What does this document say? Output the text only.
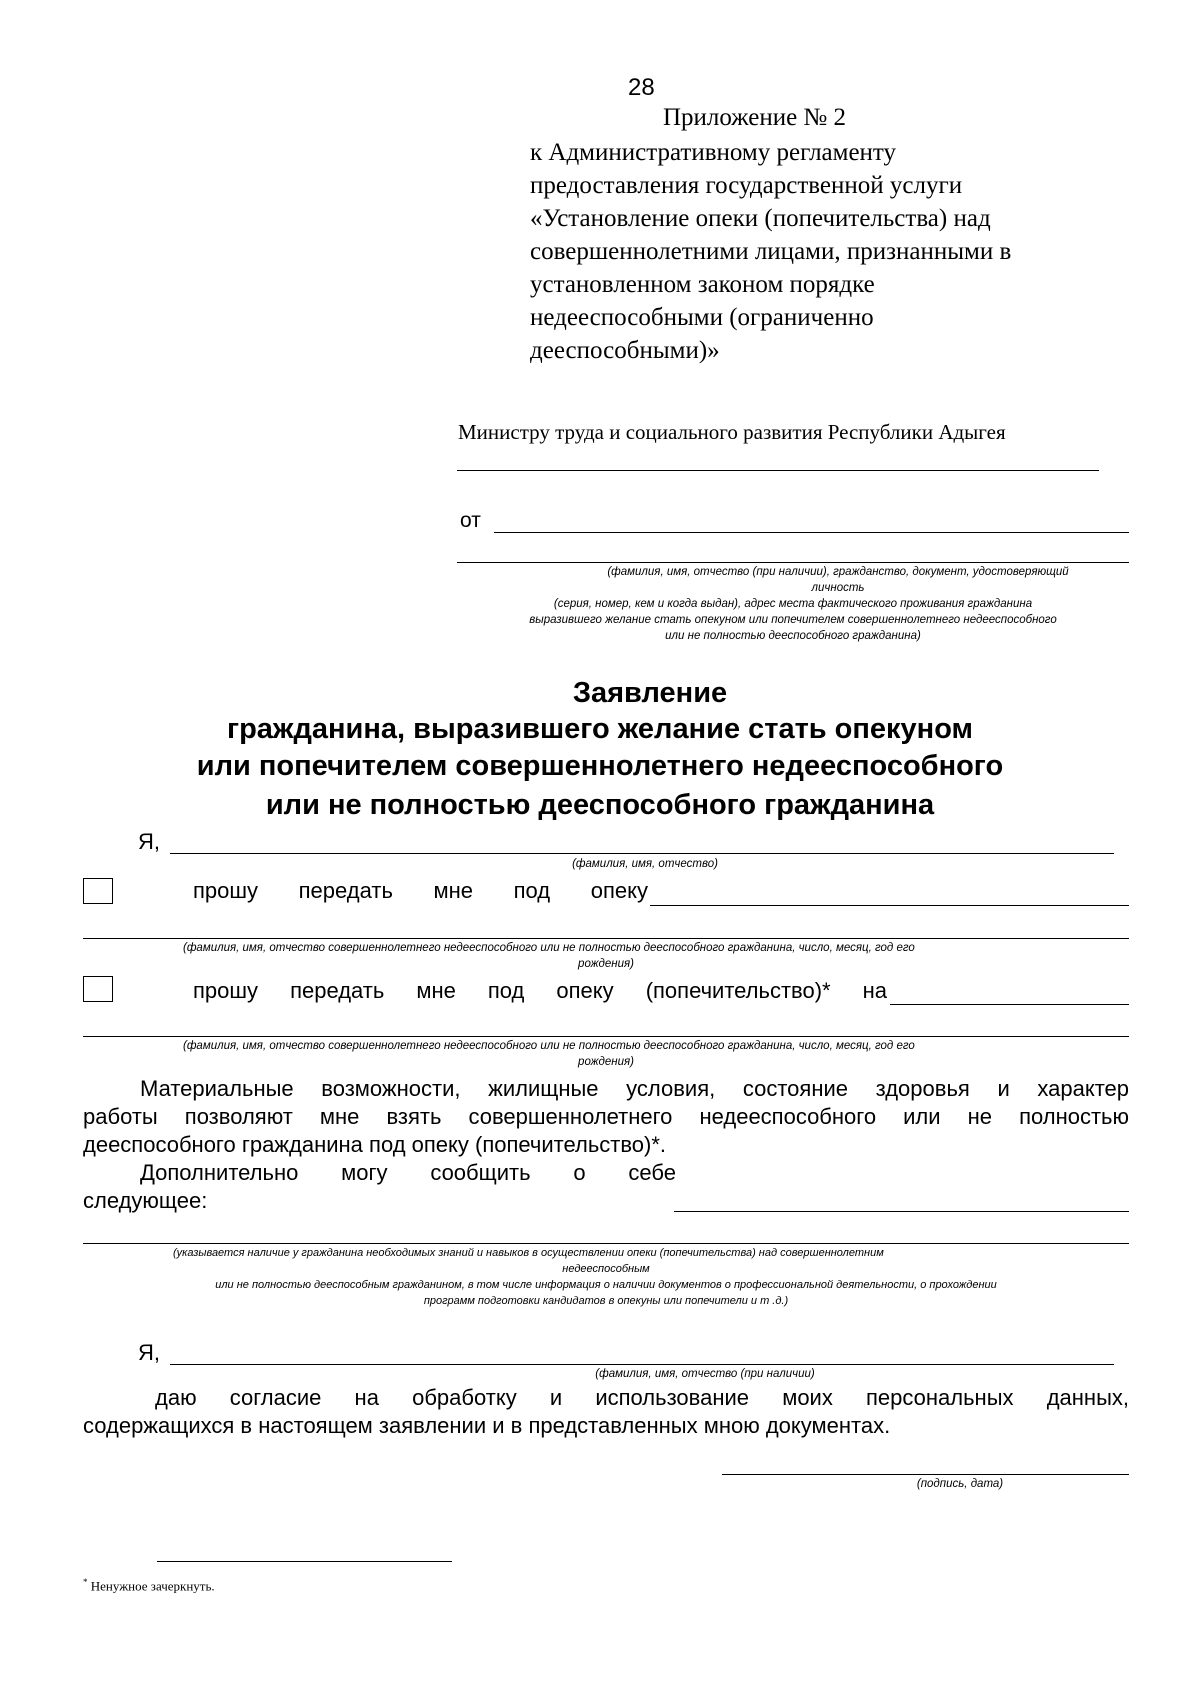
28
Приложение № 2
к Административному регламенту
предоставления государственной услуги
«Установление опеки (попечительства) над
совершеннолетними лицами, признанными в
установленном законом порядке
недееспособными (ограниченно
дееспособными)»
Министру труда и социального развития Республики Адыгея
от
(фамилия, имя, отчество (при наличии), гражданство, документ, удостоверяющий
личность
(серия, номер, кем и когда выдан), адрес места фактического проживания гражданина
выразившего желание стать опекуном или попечителем совершеннолетнего недееспособного
или не полностью дееспособного гражданина)
Заявление
гражданина, выразившего желание стать опекуном
или попечителем совершеннолетнего недееспособного
или не полностью дееспособного гражданина
Я,
(фамилия, имя, отчество)
прошу передать мне под опеку
(фамилия, имя, отчество совершеннолетнего недееспособного или не полностью дееспособного гражданина, число, месяц, год его
рождения)
прошу передать мне под опеку (попечительство)* на
(фамилия, имя, отчество совершеннолетнего недееспособного или не полностью дееспособного гражданина, число, месяц, год его
рождения)
Материальные возможности, жилищные условия, состояние здоровья и характер
работы позволяют мне взять совершеннолетнего недееспособного или не полностью
дееспособного гражданина под опеку (попечительство)*.
Дополнительно могу сообщить о себе
следующее:
(указывается наличие у гражданина необходимых знаний и навыков в осуществлении опеки (попечительства) над совершеннолетним
недееспособным
или не полностью дееспособным гражданином, в том числе информация о наличии документов о профессиональной деятельности, о прохождении
программ подготовки кандидатов в опекуны или попечители и т .д.)
Я,
(фамилия, имя, отчество (при наличии)
даю согласие на обработку и использование моих персональных данных,
содержащихся в настоящем заявлении и в представленных мною документах.
(подпись, дата)
* Ненужное зачеркнуть.
